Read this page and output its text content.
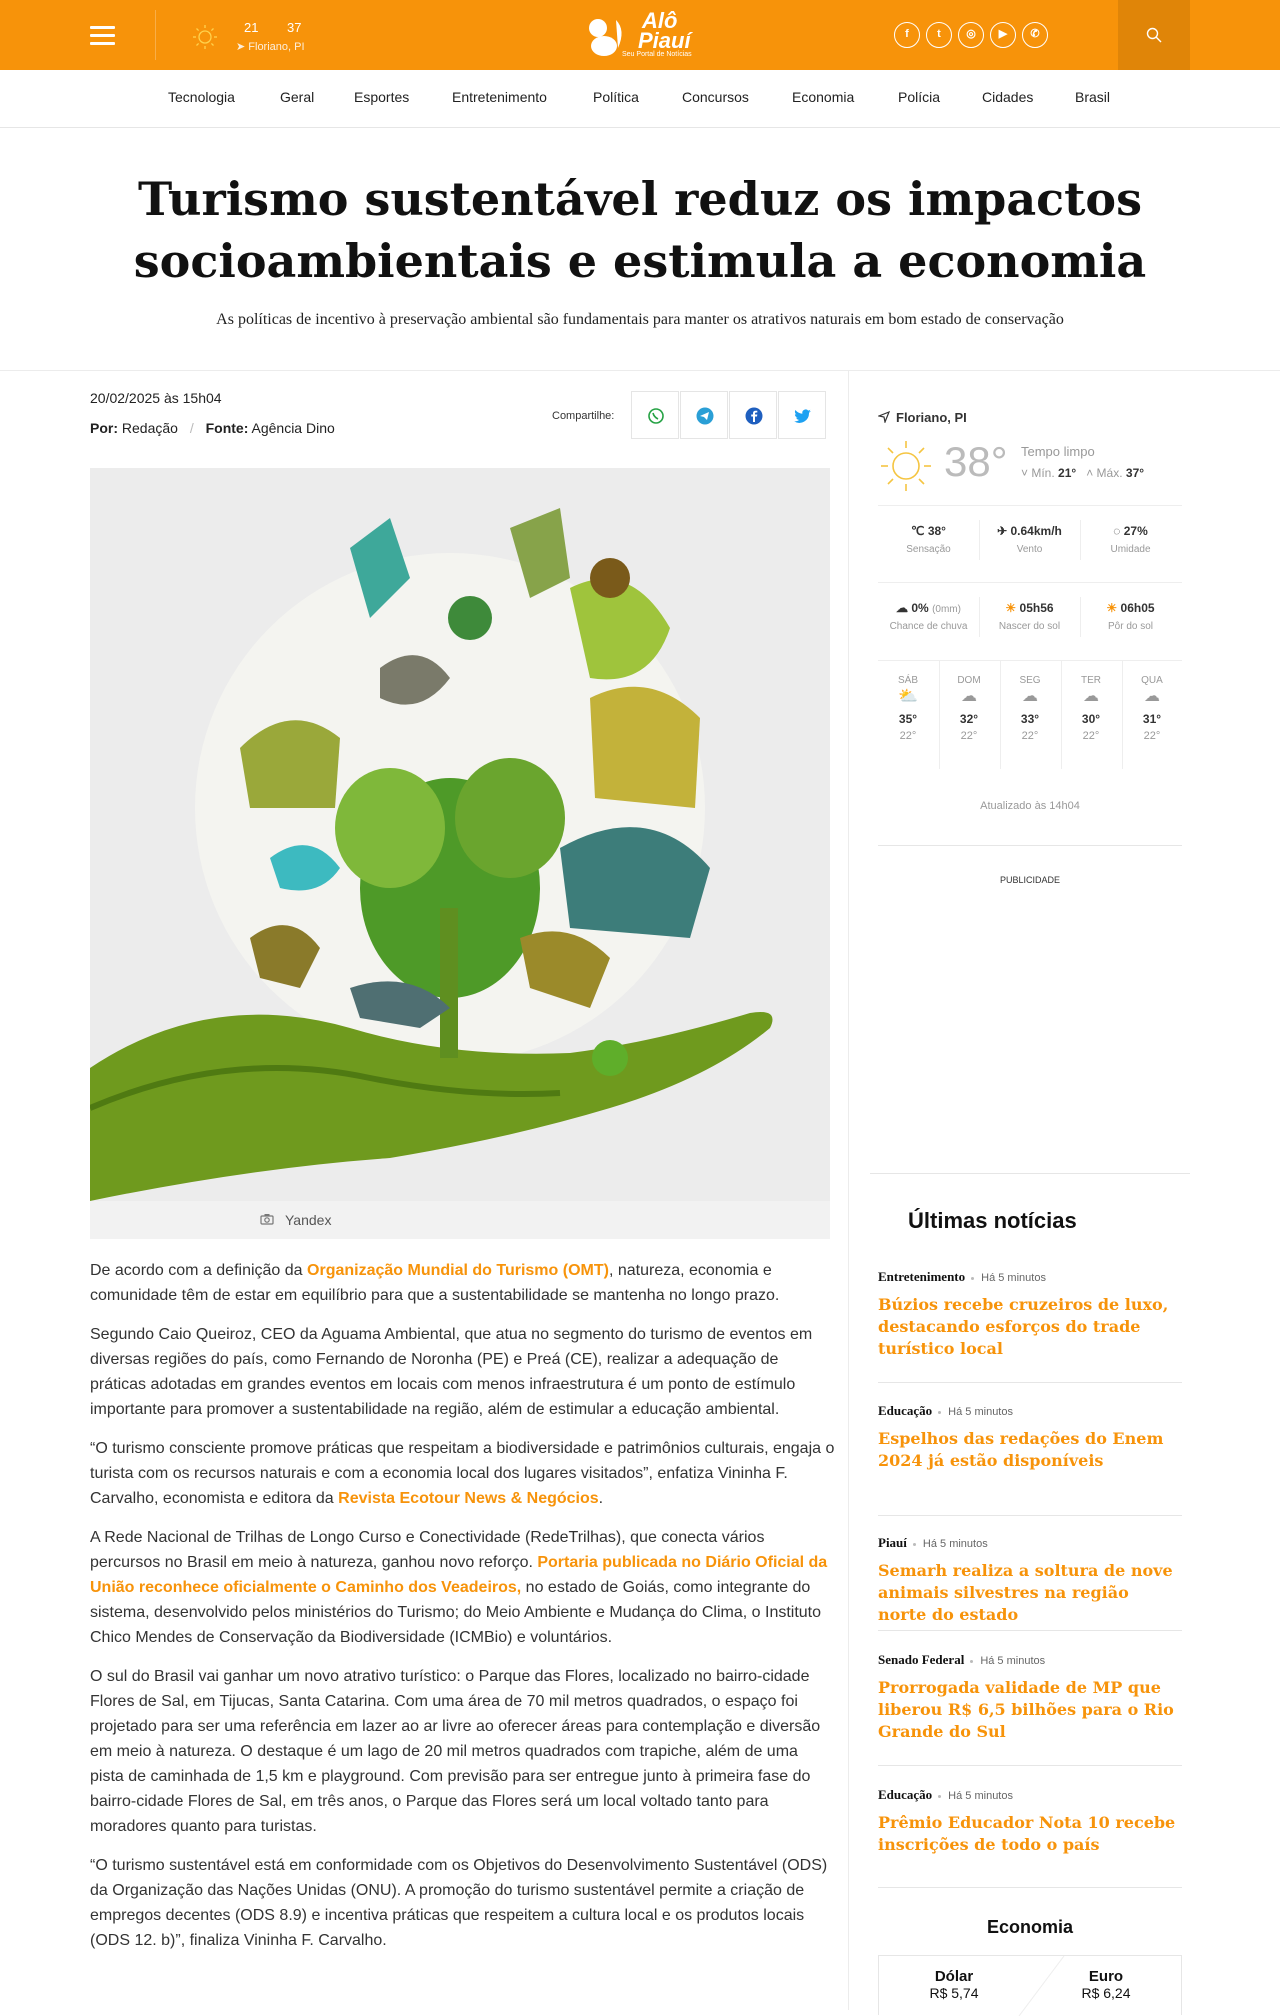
21 37
➤ Floriano, PI
Alô
Piauí
Seu Portal de Notícias
f	t ◎ ▶ ✆
Tecnologia	Geral	Esportes	Entretenimento	Política	Concursos	Economia	Polícia	Cidades	Brasil
Turismo sustentável reduz os impactos
socioambientais e estimula a economia
As políticas de incentivo à preservação ambiental são fundamentais para manter os atrativos naturais em bom estado de conservação
20/02/2025 às 15h04
Por: Redação / Fonte: Agência Dino
Compartilhe:
Yandex

De acordo com a definição da Organização Mundial do Turismo (OMT), natureza, economia e comunidade têm de estar em equilíbrio para que a sustentabilidade se mantenha no longo prazo.

Segundo Caio Queiroz, CEO da Aguama Ambiental, que atua no segmento do turismo de eventos em diversas regiões do país, como Fernando de Noronha (PE) e Preá (CE), realizar a adequação de práticas adotadas em grandes eventos em locais com menos infraestrutura é um ponto de estímulo importante para promover a sustentabilidade na região, além de estimular a educação ambiental.

“O turismo consciente promove práticas que respeitam a biodiversidade e patrimônios culturais, engaja o turista com os recursos naturais e com a economia local dos lugares visitados”, enfatiza Vininha F. Carvalho, economista e editora da Revista Ecotour News & Negócios.

A Rede Nacional de Trilhas de Longo Curso e Conectividade (RedeTrilhas), que conecta vários percursos no Brasil em meio à natureza, ganhou novo reforço. Portaria publicada no Diário Oficial da União reconhece oficialmente o Caminho dos Veadeiros, no estado de Goiás, como integrante do sistema, desenvolvido pelos ministérios do Turismo; do Meio Ambiente e Mudança do Clima, o Instituto Chico Mendes de Conservação da Biodiversidade (ICMBio) e voluntários.

O sul do Brasil vai ganhar um novo atrativo turístico: o Parque das Flores, localizado no bairro-cidade Flores de Sal, em Tijucas, Santa Catarina. Com uma área de 70 mil metros quadrados, o espaço foi projetado para ser uma referência em lazer ao ar livre ao oferecer áreas para contemplação e diversão em meio à natureza. O destaque é um lago de 20 mil metros quadrados com trapiche, além de uma pista de caminhada de 1,5 km e playground. Com previsão para ser entregue junto à primeira fase do bairro-cidade Flores de Sal, em três anos, o Parque das Flores será um local voltado tanto para moradores quanto para turistas.

“O turismo sustentável está em conformidade com os Objetivos do Desenvolvimento Sustentável (ODS) da Organização das Nações Unidas (ONU). A promoção do turismo sustentável permite a criação de empregos decentes (ODS 8.9) e incentiva práticas que respeitem a cultura local e os produtos locais (ODS 12. b)”, finaliza Vininha F. Carvalho.

Floriano, PI
38° Tempo limpo
˅ Mín. 21°   ˄ Máx. 37°
℃ 38°
Sensação
✈ 0.64km/h
Vento
◌ 27%
Umidade
☁ 0% (0mm)
Chance de chuva
☀ 05h56
Nascer do sol
☀ 06h05
Pôr do sol
SÁB
⛅
35°
22°
DOM
☁
32°
22°
SEG
☁
33°
22°
TER
☁
30°
22°
QUA
☁
31°
22°
Atualizado às 14h04
PUBLICIDADE
Últimas notícias
Entretenimento Há 5 minutos
Búzios recebe cruzeiros de luxo, destacando esforços do trade turístico local
Educação Há 5 minutos
Espelhos das redações do Enem 2024 já estão disponíveis
Piauí Há 5 minutos
Semarh realiza a soltura de nove animais silvestres na região norte do estado
Senado Federal Há 5 minutos
Prorrogada validade de MP que liberou R$ 6,5 bilhões para o Rio Grande do Sul
Educação Há 5 minutos
Prêmio Educador Nota 10 recebe inscrições de todo o país
Economia
Dólar
R$ 5,74
Euro
R$ 6,24
